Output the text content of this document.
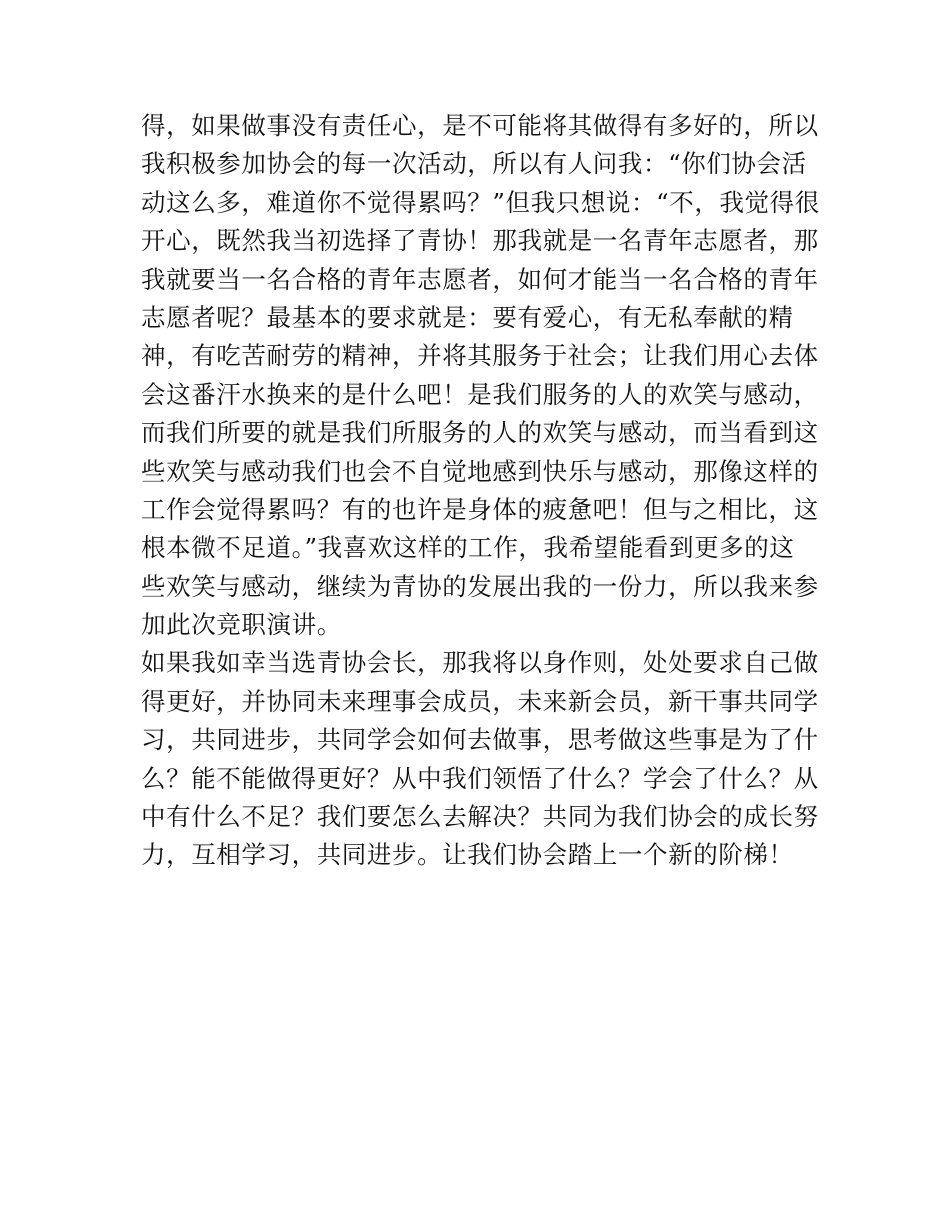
得，如果做事没有责任心，是不可能将其做得有多好的，所以
我积极参加协会的每一次活动，所以有人问我：“你们协会活
动这么多，难道你不觉得累吗？”但我只想说：“不，我觉得很
开心，既然我当初选择了青协！那我就是一名青年志愿者，那
我就要当一名合格的青年志愿者，如何才能当一名合格的青年
志愿者呢？最基本的要求就是：要有爱心，有无私奉献的精
神，有吃苦耐劳的精神，并将其服务于社会；让我们用心去体
会这番汗水换来的是什么吧！是我们服务的人的欢笑与感动，
而我们所要的就是我们所服务的人的欢笑与感动，而当看到这
些欢笑与感动我们也会不自觉地感到快乐与感动，那像这样的
工作会觉得累吗？有的也许是身体的疲惫吧！但与之相比，这
根本微不足道。”我喜欢这样的工作，我希望能看到更多的这
些欢笑与感动，继续为青协的发展出我的一份力，所以我来参
加此次竞职演讲。
如果我如幸当选青协会长，那我将以身作则，处处要求自己做
得更好，并协同未来理事会成员，未来新会员，新干事共同学
习，共同进步，共同学会如何去做事，思考做这些事是为了什
么？能不能做得更好？从中我们领悟了什么？学会了什么？从
中有什么不足？我们要怎么去解决？共同为我们协会的成长努
力，互相学习，共同进步。让我们协会踏上一个新的阶梯！
